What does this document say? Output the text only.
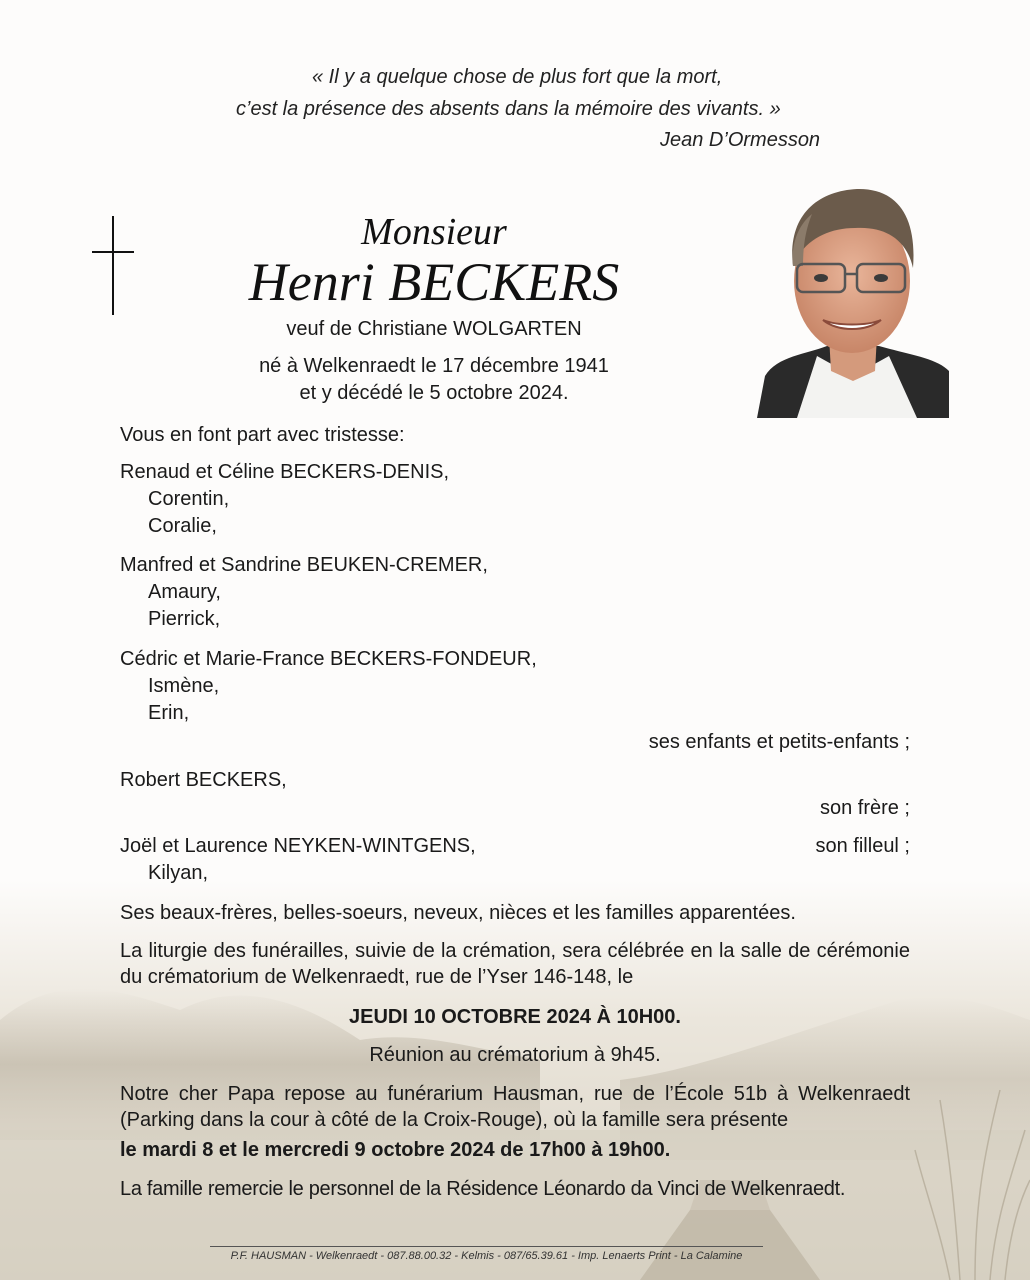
« Il y a quelque chose de plus fort que la mort,
c’est la présence des absents dans la mémoire des vivants. »
Jean D’Ormesson
Monsieur
Henri BECKERS
veuf de Christiane WOLGARTEN
né à Welkenraedt le 17 décembre 1941
et y décédé le 5 octobre 2024.
Vous en font part avec tristesse:
Renaud et Céline BECKERS-DENIS,
Corentin,
Coralie,
Manfred et Sandrine BEUKEN-CREMER,
Amaury,
Pierrick,
Cédric et Marie-France BECKERS-FONDEUR,
Ismène,
Erin,
ses enfants et petits-enfants ;
Robert BECKERS,
son frère ;
Joël et Laurence NEYKEN-WINTGENS,	son filleul ;
Kilyan,
Ses beaux-frères, belles-soeurs, neveux, nièces et les familles apparentées.
La liturgie des funérailles, suivie de la crémation, sera célébrée en la salle de cérémonie du crématorium de Welkenraedt, rue de l’Yser 146-148, le
JEUDI 10 OCTOBRE 2024 À 10H00.
Réunion au crématorium à 9h45.
Notre cher Papa repose au funérarium Hausman, rue de l’École 51b à Welkenraedt (Parking dans la cour à côté de la Croix-Rouge), où la famille sera présente
le mardi 8 et le mercredi 9 octobre 2024 de 17h00 à 19h00.
La famille remercie le personnel de la Résidence Léonardo da Vinci de Welkenraedt.
P.F. HAUSMAN - Welkenraedt - 087.88.00.32 - Kelmis - 087/65.39.61 - Imp. Lenaerts Print - La Calamine
